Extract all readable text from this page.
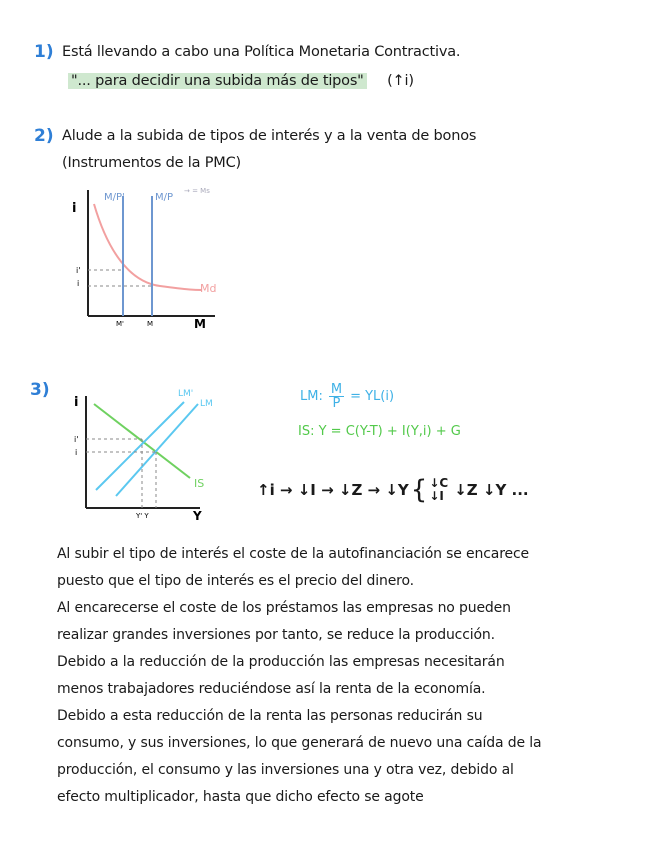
1) Está llevando a cabo una Política Monetaria Contractiva.
"... para decidir una subida más de tipos" (↑i)
2) Alude a la subida de tipos de interés y a la venta de bonos
(Instrumentos de la PMC)
i
M
Md
M/P'	M/P
→ = Ms
i'
i
M'	M
3)
i
Y
IS
LM'
LM
i'
i
Y' Y
LM: $\frac{M}{P} = YL(i)$
IS: Y = C(Y-T) + I(Y,i) + G
↑i → ↓I → ↓Z → ↓Y { ↓C
↓I ↓Z ↓Y ...
Al subir el tipo de interés el coste de la autofinanciación se encarece
puesto que el tipo de interés es el precio del dinero.
Al encarecerse el coste de los préstamos las empresas no pueden
realizar grandes inversiones por tanto, se reduce la producción.
Debido a la reducción de la producción las empresas necesitarán
menos trabajadores reduciéndose así la renta de la economía.
Debido a esta reducción de la renta las personas reducirán su
consumo, y sus inversiones, lo que generará de nuevo una caída de la
producción, el consumo y las inversiones una y otra vez, debido al
efecto multiplicador, hasta que dicho efecto se agote
